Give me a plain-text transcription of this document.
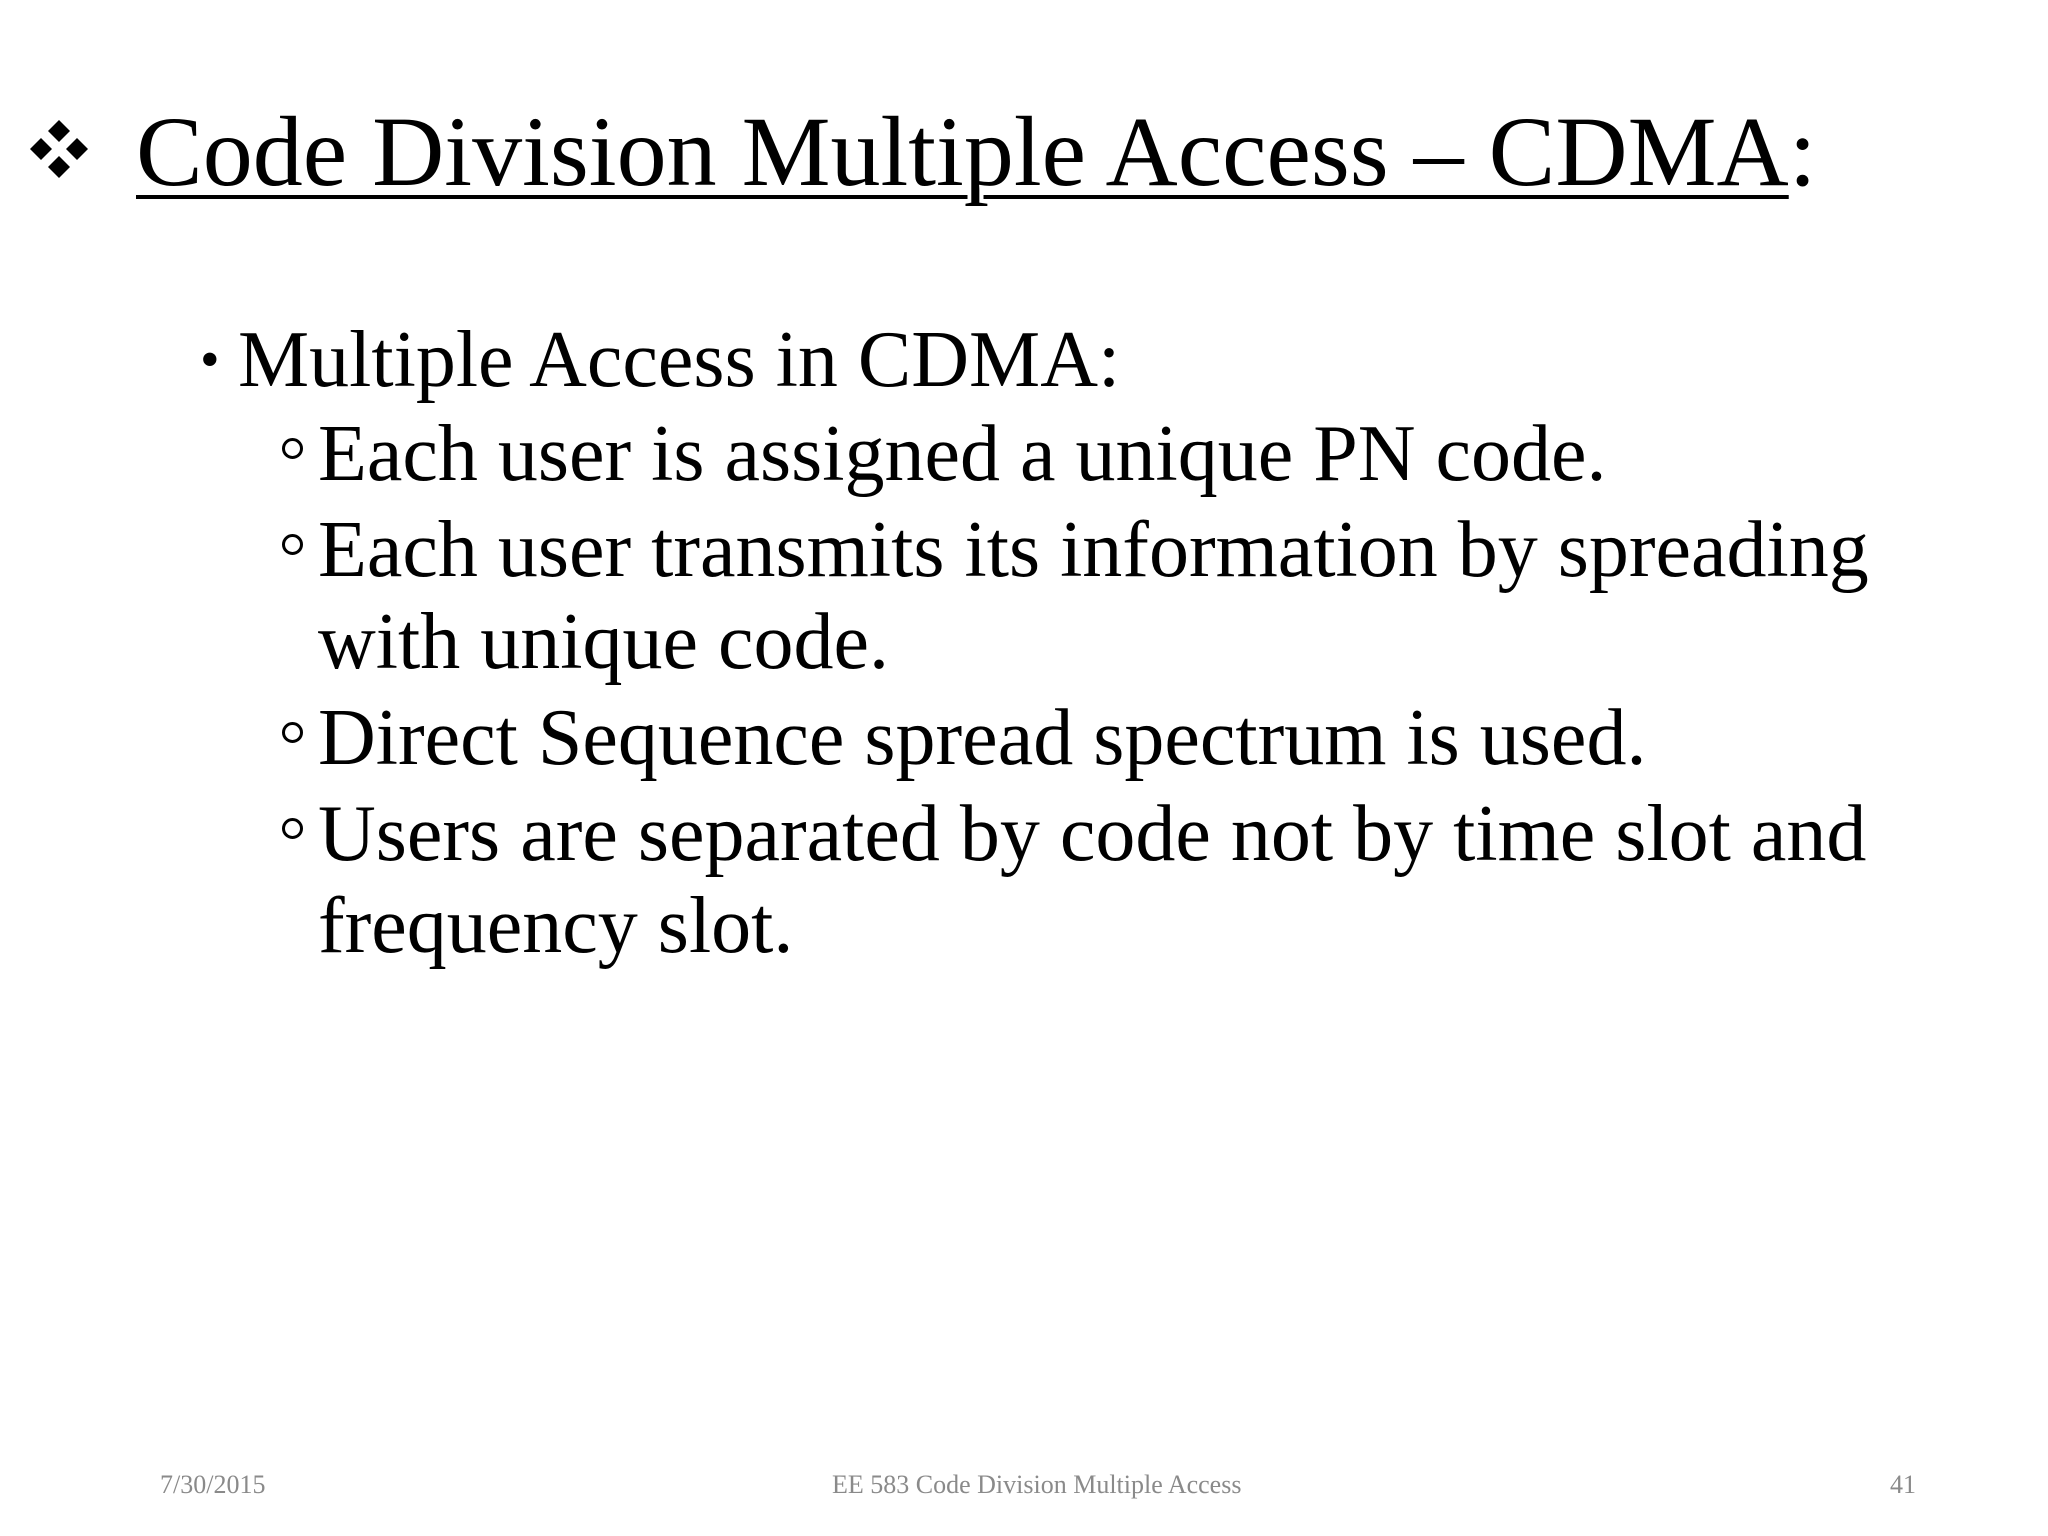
Code Division Multiple Access – CDMA:
• Multiple Access in CDMA:
Each user is assigned a unique PN code.
Each user transmits its information by spreading with unique code.
Direct Sequence spread spectrum is used.
Users are separated by code not by time slot and frequency slot.
7/30/2015	EE 583 Code Division Multiple Access	41
